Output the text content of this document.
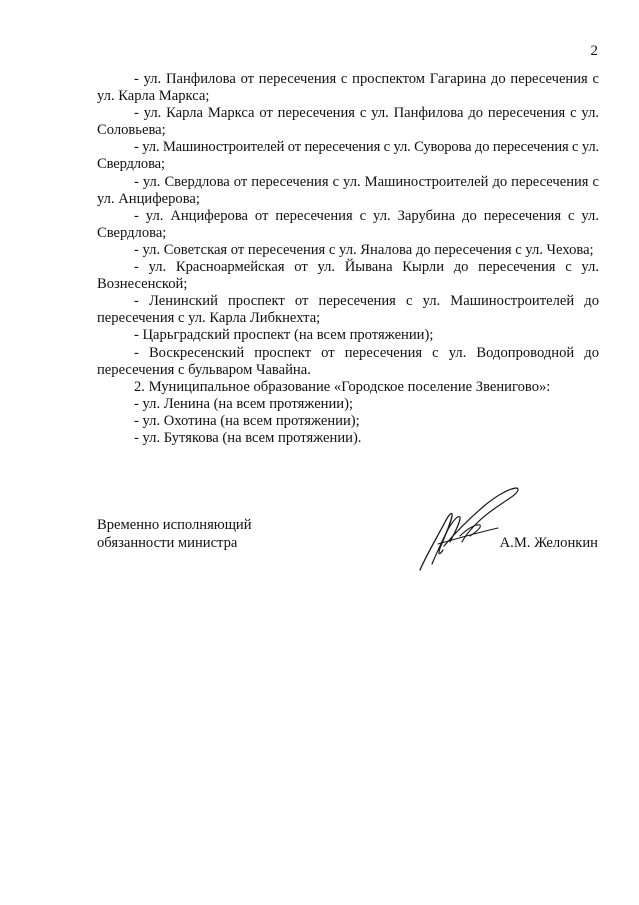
2

- ул. Панфилова от пересечения с проспектом Гагарина до пересечения с ул. Карла Маркса;

- ул. Карла Маркса от пересечения с ул. Панфилова до пересечения с ул. Соловьева;

- ул. Машиностроителей от пересечения с ул. Суворова до пересечения с ул. Свердлова;

- ул. Свердлова от пересечения с ул. Машиностроителей до пересечения с ул. Анциферова;

- ул. Анциферова от пересечения с ул. Зарубина до пересечения с ул. Свердлова;

- ул. Советская от пересечения с ул. Яналова до пересечения с ул. Чехова;

- ул. Красноармейская от ул. Йывана Кырли до пересечения с ул. Вознесенской;

- Ленинский проспект от пересечения с ул. Машиностроителей до пересечения с ул. Карла Либкнехта;

- Царьградский проспект (на всем протяжении);

- Воскресенский проспект от пересечения с ул. Водопроводной до пересечения с бульваром Чавайна.

2. Муниципальное образование «Городское поселение Звенигово»:

- ул. Ленина (на всем протяжении);

- ул. Охотина (на всем протяжении);

- ул. Бутякова (на всем протяжении).

Временно исполняющий
обязанности министра	А.М. Желонкин
